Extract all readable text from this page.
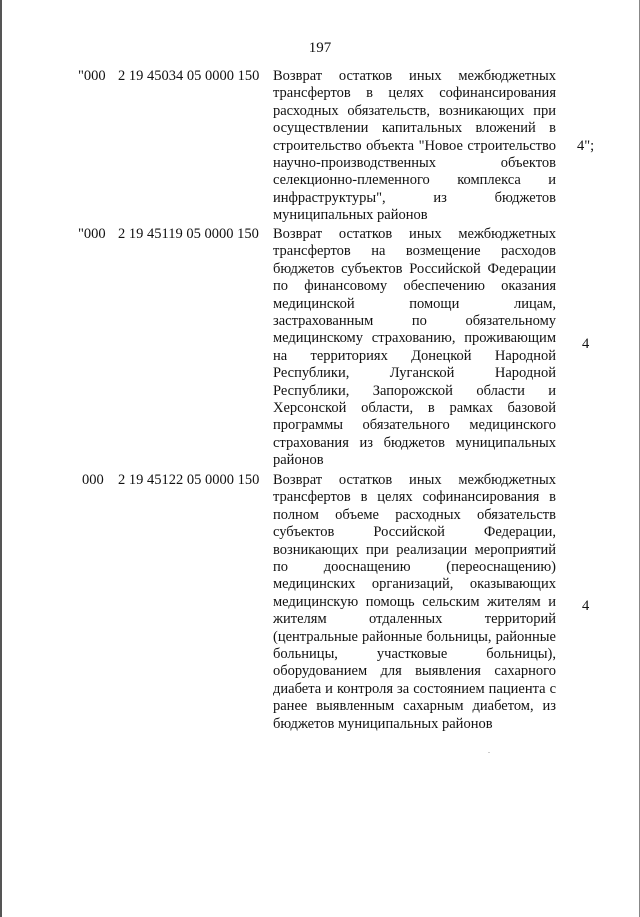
197
"000 2 19 45034 05 0000 150 Возврат остатков иных межбюджетных трансфертов в целях софинансирования расходных обязательств, возникающих при осуществлении капитальных вложений в строительство объекта "Новое строительство научно-производственных объектов селекционно-племенного комплекса и инфраструктуры", из бюджетов муниципальных районов
4";
"000 2 19 45119 05 0000 150 Возврат остатков иных межбюджетных трансфертов на возмещение расходов бюджетов субъектов Российской Федерации по финансовому обеспечению оказания медицинской помощи лицам, застрахованным по обязательному медицинскому страхованию, проживающим на территориях Донецкой Народной Республики, Луганской Народной Республики, Запорожской области и Херсонской области, в рамках базовой программы обязательного медицинского страхования из бюджетов муниципальных районов
4
000 2 19 45122 05 0000 150 Возврат остатков иных межбюджетных трансфертов в целях софинансирования в полном объеме расходных обязательств субъектов Российской Федерации, возникающих при реализации мероприятий по дооснащению (переоснащению) медицинских организаций, оказывающих медицинскую помощь сельским жителям и жителям отдаленных территорий (центральные районные больницы, районные больницы, участковые больницы), оборудованием для выявления сахарного диабета и контроля за состоянием пациента с ранее выявленным сахарным диабетом, из бюджетов муниципальных районов
4
